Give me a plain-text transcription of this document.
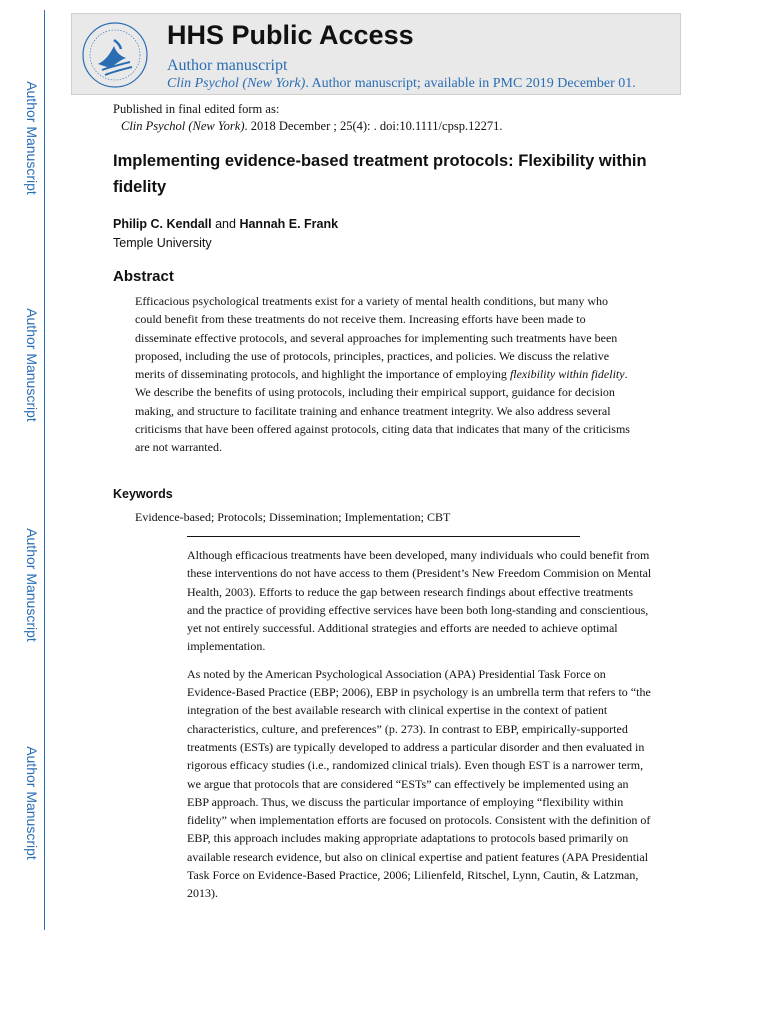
Author Manuscript
Author Manuscript
Author Manuscript
Author Manuscript
HHS Public Access
Author manuscript
Clin Psychol (New York). Author manuscript; available in PMC 2019 December 01.
Published in final edited form as:
Clin Psychol (New York). 2018 December ; 25(4): . doi:10.1111/cpsp.12271.
Implementing evidence-based treatment protocols: Flexibility within fidelity
Philip C. Kendall and Hannah E. Frank
Temple University
Abstract
Efficacious psychological treatments exist for a variety of mental health conditions, but many who could benefit from these treatments do not receive them. Increasing efforts have been made to disseminate effective protocols, and several approaches for implementing such treatments have been proposed, including the use of protocols, principles, practices, and policies. We discuss the relative merits of disseminating protocols, and highlight the importance of employing flexibility within fidelity. We describe the benefits of using protocols, including their empirical support, guidance for decision making, and structure to facilitate training and enhance treatment integrity. We also address several criticisms that have been offered against protocols, citing data that indicates that many of the criticisms are not warranted.
Keywords
Evidence-based; Protocols; Dissemination; Implementation; CBT

Although efficacious treatments have been developed, many individuals who could benefit from these interventions do not have access to them (President’s New Freedom Commision on Mental Health, 2003). Efforts to reduce the gap between research findings about effective treatments and the practice of providing effective services have been both long-standing and conscientious, yet not entirely successful. Additional strategies and efforts are needed to achieve optimal implementation.

As noted by the American Psychological Association (APA) Presidential Task Force on Evidence-Based Practice (EBP; 2006), EBP in psychology is an umbrella term that refers to “the integration of the best available research with clinical expertise in the context of patient characteristics, culture, and preferences” (p. 273). In contrast to EBP, empirically-supported treatments (ESTs) are typically developed to address a particular disorder and then evaluated in rigorous efficacy studies (i.e., randomized clinical trials). Even though EST is a narrower term, we argue that protocols that are considered “ESTs” can effectively be implemented using an EBP approach. Thus, we discuss the particular importance of employing “flexibility within fidelity” when implementation efforts are focused on protocols. Consistent with the definition of EBP, this approach includes making appropriate adaptations to protocols based primarily on available research evidence, but also on clinical expertise and patient features (APA Presidential Task Force on Evidence-Based Practice, 2006; Lilienfeld, Ritschel, Lynn, Cautin, & Latzman, 2013).
